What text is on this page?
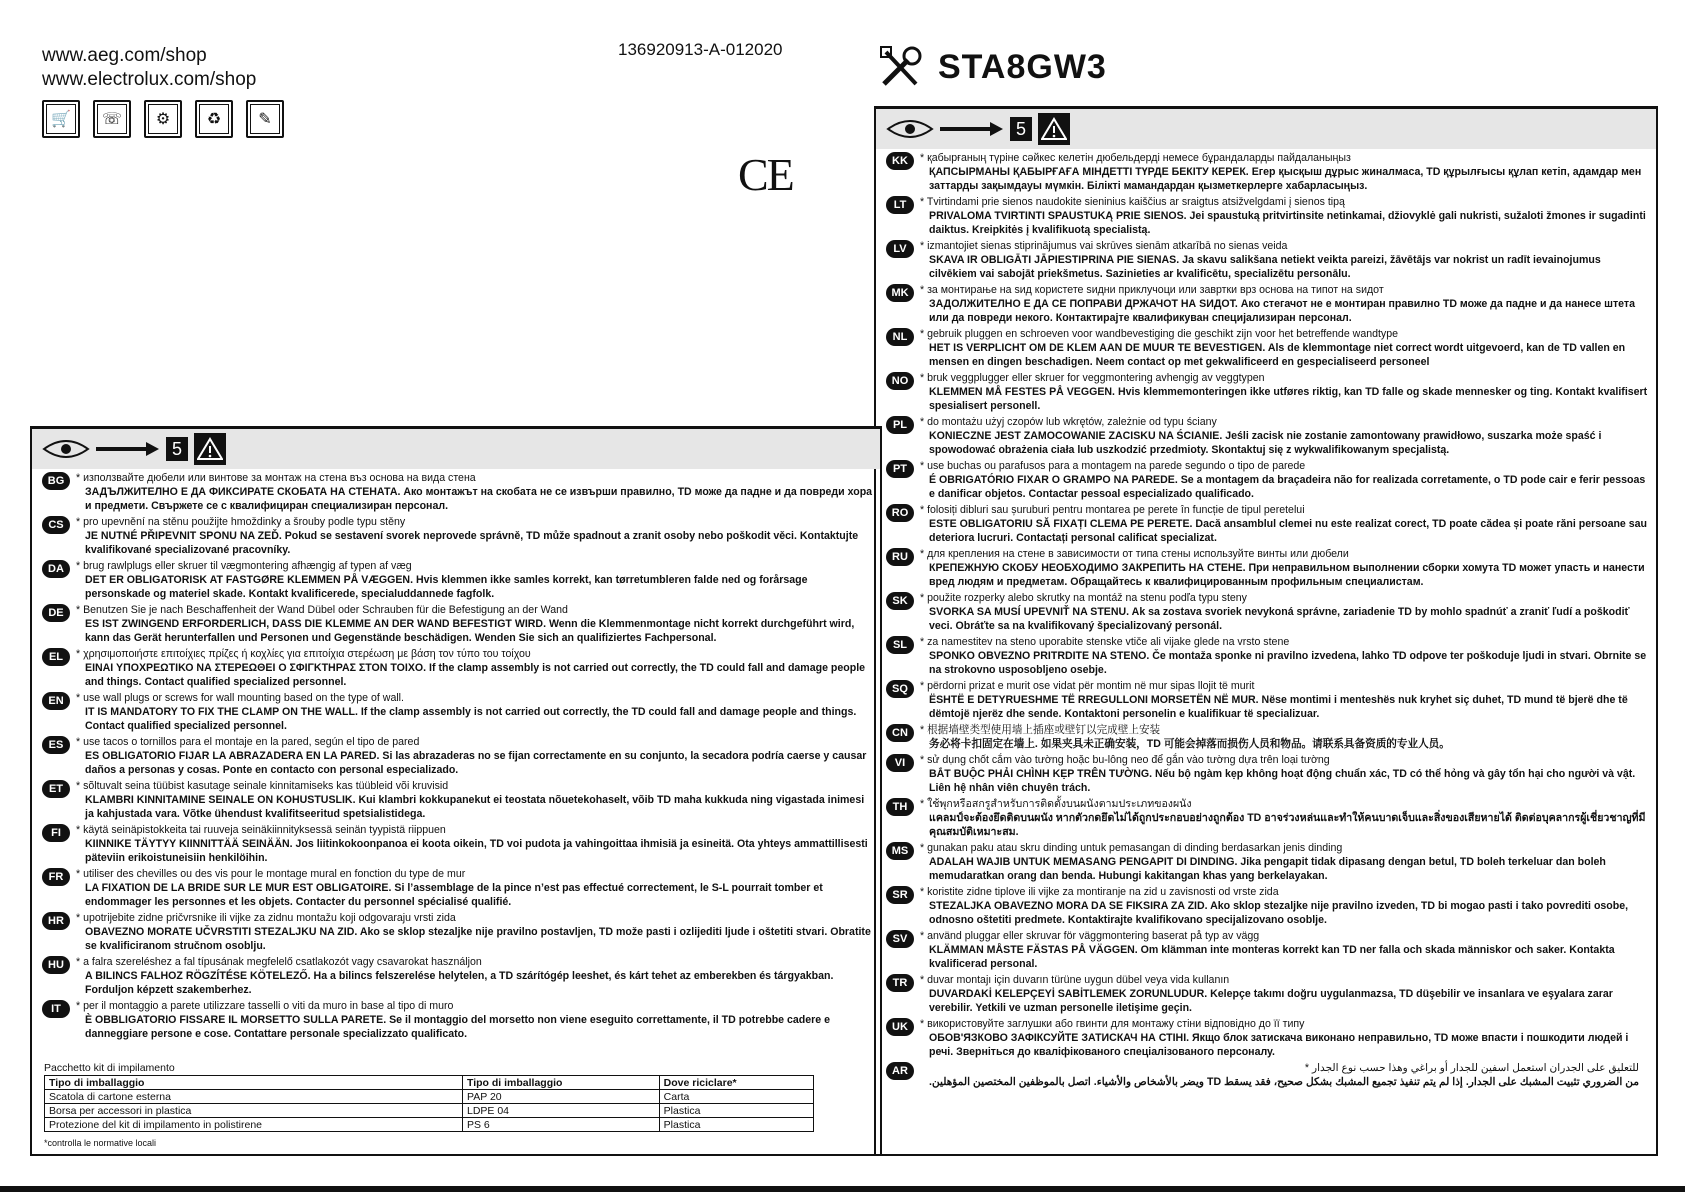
www.aeg.com/shop
www.electrolux.com/shop
136920913-A-012020
🛒	☏	⚙	♻	✎
CE
STA8GW3
5
KK	* қабырғаның түріне сәйкес келетін дюбельдерді немесе бұрандаларды пайдаланыңыз
ҚАПСЫРМАНЫ ҚАБЫРҒАҒА МІНДЕТТІ ТҮРДЕ БЕКІТУ КЕРЕК. Егер қысқыш дұрыс жиналмаса, TD құрылғысы құлап кетіп, адамдар мен заттарды зақымдауы мүмкін. Білікті мамандардан қызметкерлерге хабарласыңыз.
LT	* Tvirtindami prie sienos naudokite sieninius kaiščius ar sraigtus atsižvelgdami į sienos tipą
PRIVALOMA TVIRTINTI SPAUSTUKĄ PRIE SIENOS. Jei spaustuką pritvirtinsite netinkamai, džiovyklė gali nukristi, sužaloti žmones ir sugadinti daiktus. Kreipkitės į kvalifikuotą specialistą.
LV	* izmantojiet sienas stiprinājumus vai skrūves sienām atkarībā no sienas veida
SKAVA IR OBLIGĀTI JĀPIESTIPRINA PIE SIENAS. Ja skavu salikšana netiekt veikta pareizi, žāvētājs var nokrist un radīt ievainojumus cilvēkiem vai sabojāt priekšmetus. Sazinieties ar kvalificētu, specializētu personālu.
MK	* за монтирање на ѕид користете ѕидни приклучоци или завртки врз основа на типот на ѕидот
ЗАДОЛЖИТЕЛНО Е ДА СЕ ПОПРАВИ ДРЖАЧОТ НА ЅИДОТ. Ако стегачот не е монтиран правилно TD може да падне и да нанесе штета или да повреди некого. Контактирајте квалификуван специјализиран персонал.
NL	* gebruik pluggen en schroeven voor wandbevestiging die geschikt zijn voor het betreffende wandtype
HET IS VERPLICHT OM DE KLEM AAN DE MUUR TE BEVESTIGEN. Als de klemmontage niet correct wordt uitgevoerd, kan de TD vallen en mensen en dingen beschadigen. Neem contact op met gekwalificeerd en gespecialiseerd personeel
NO	* bruk veggplugger eller skruer for veggmontering avhengig av veggtypen
KLEMMEN MÅ FESTES PÅ VEGGEN. Hvis klemmemonteringen ikke utføres riktig, kan TD falle og skade mennesker og ting. Kontakt kvalifisert spesialisert personell.
PL	* do montażu użyj czopów lub wkrętów, zależnie od typu ściany
KONIECZNE JEST ZAMOCOWANIE ZACISKU NA ŚCIANIE. Jeśli zacisk nie zostanie zamontowany prawidłowo, suszarka może spaść i spowodować obrażenia ciała lub uszkodzić przedmioty. Skontaktuj się z wykwalifikowanym specjalistą.
PT	* use buchas ou parafusos para a montagem na parede segundo o tipo de parede
É OBRIGATÓRIO FIXAR O GRAMPO NA PAREDE. Se a montagem da braçadeira não for realizada corretamente, o TD pode cair e ferir pessoas e danificar objetos. Contactar pessoal especializado qualificado.
RO	* folosiți dibluri sau șuruburi pentru montarea pe perete în funcție de tipul peretelui
ESTE OBLIGATORIU SĂ FIXAȚI CLEMA PE PERETE. Dacă ansamblul clemei nu este realizat corect, TD poate cădea și poate răni persoane sau deteriora lucruri. Contactați personal calificat specializat.
RU	* для крепления на стене в зависимости от типа стены используйте винты или дюбели
КРЕПЕЖНУЮ СКОБУ НЕОБХОДИМО ЗАКРЕПИТЬ НА СТЕНЕ. При неправильном выполнении сборки хомута TD может упасть и нанести вред людям и предметам. Обращайтесь к квалифицированным профильным специалистам.
SK	* použite rozperky alebo skrutky na montáž na stenu podľa typu steny
SVORKA SA MUSÍ UPEVNIŤ NA STENU. Ak sa zostava svoriek nevykoná správne, zariadenie TD by mohlo spadnúť a zraniť ľudí a poškodiť veci. Obráťte sa na kvalifikovaný špecializovaný personál.
SL	* za namestitev na steno uporabite stenske vtiče ali vijake glede na vrsto stene
SPONKO OBVEZNO PRITRDITE NA STENO. Če montaža sponke ni pravilno izvedena, lahko TD odpove ter poškoduje ljudi in stvari. Obrnite se na strokovno usposobljeno osebje.
SQ	* përdorni prizat e murit ose vidat për montim në mur sipas llojit të murit
ËSHTË E DETYRUESHME TË RREGULLONI MORSETËN NË MUR. Nëse montimi i menteshës nuk kryhet siç duhet, TD mund të bjerë dhe të dëmtojë njerëz dhe sende. Kontaktoni personelin e kualifikuar të specializuar.
CN	* 根据墙壁类型使用墙上插座或壁钉以完成壁上安装
务必将卡扣固定在墙上. 如果夹具未正确安装，TD 可能会掉落而损伤人员和物品。请联系具备资质的专业人员。
VI	* sử dụng chốt cắm vào tường hoặc bu-lông neo để gắn vào tường dựa trên loại tường
BẮT BUỘC PHẢI CHÌNH KẸP TRÊN TƯỜNG. Nếu bộ ngàm kẹp không hoạt động chuẩn xác, TD có thể hỏng và gây tổn hại cho người và vật. Liên hệ nhân viên chuyên trách.
TH	* ใช้พุกหรือสกรูสำหรับการติดตั้งบนผนังตามประเภทของผนัง
แคลมป์จะต้องยึดติดบนผนัง หากตัวกดยึดไม่ได้ถูกประกอบอย่างถูกต้อง TD อาจร่วงหล่นและทำให้คนบาดเจ็บและสิ่งของเสียหายได้ ติดต่อบุคลากรผู้เชี่ยวชาญที่มีคุณสมบัติเหมาะสม.
MS	* gunakan paku atau skru dinding untuk pemasangan di dinding berdasarkan jenis dinding
ADALAH WAJIB UNTUK MEMASANG PENGAPIT DI DINDING. Jika pengapit tidak dipasang dengan betul, TD boleh terkeluar dan boleh memudaratkan orang dan benda. Hubungi kakitangan khas yang berkelayakan.
SR	* koristite zidne tiplove ili vijke za montiranje na zid u zavisnosti od vrste zida
STEZALJKA OBAVEZNO MORA DA SE FIKSIRA ZA ZID. Ako sklop stezaljke nije pravilno izveden, TD bi mogao pasti i tako povrediti osobe, odnosno oštetiti predmete. Kontaktirajte kvalifikovano specijalizovano osoblje.
SV	* använd pluggar eller skruvar för väggmontering baserat på typ av vägg
KLÄMMAN MÅSTE FÄSTAS PÅ VÄGGEN. Om klämman inte monteras korrekt kan TD ner falla och skada människor och saker. Kontakta kvalificerad personal.
TR	* duvar montajı için duvarın türüne uygun dübel veya vida kullanın
DUVARDAKİ KELEPÇEYİ SABİTLEMEK ZORUNLUDUR. Kelepçe takımı doğru uygulanmazsa, TD düşebilir ve insanlara ve eşyalara zarar verebilir. Yetkili ve uzman personelle iletişime geçin.
UK	* використовуйте заглушки або гвинти для монтажу стіни відповідно до її типу
ОБОВ'ЯЗКОВО ЗАФІКСУЙТЕ ЗАТИСКАЧ НА СТІНІ. Якщо блок затискача виконано неправильно, TD може впасти і пошкодити людей і речі. Зверніться до кваліфікованого спеціалізованого персоналу.
AR	للتعليق على الجدران استعمل اسفين للجدار أو براغي وهذا حسب نوع الجدار *
من الضروري تثبيت المشبك على الجدار. إذا لم يتم تنفيذ تجميع المشبك بشكل صحيح، فقد يسقط TD ويضر بالأشخاص والأشياء. اتصل بالموظفين المختصين المؤهلين.
5
BG	* използвайте дюбели или винтове за монтаж на стена въз основа на вида стена
ЗАДЪЛЖИТЕЛНО Е ДА ФИКСИРАТЕ СКОБАТА НА СТЕНАТА. Ако монтажът на скобата не се извърши правилно, TD може да падне и да повреди хора и предмети. Свържете се с квалифициран специализиран персонал.
CS	* pro upevnění na stěnu použijte hmoždinky a šrouby podle typu stěny
JE NUTNÉ PŘIPEVNIT SPONU NA ZEĎ. Pokud se sestavení svorek neprovede správně, TD může spadnout a zranit osoby nebo poškodit věci. Kontaktujte kvalifikované specializované pracovníky.
DA	* brug rawlplugs eller skruer til vægmontering afhængig af typen af væg
DET ER OBLIGATORISK AT FASTGØRE KLEMMEN PÅ VÆGGEN. Hvis klemmen ikke samles korrekt, kan tørretumbleren falde ned og forårsage personskade og materiel skade. Kontakt kvalificerede, specialuddannede fagfolk.
DE	* Benutzen Sie je nach Beschaffenheit der Wand Dübel oder Schrauben für die Befestigung an der Wand
ES IST ZWINGEND ERFORDERLICH, DASS DIE KLEMME AN DER WAND BEFESTIGT WIRD. Wenn die Klemmenmontage nicht korrekt durchgeführt wird, kann das Gerät herunterfallen und Personen und Gegenstände beschädigen. Wenden Sie sich an qualifiziertes Fachpersonal.
EL	* χρησιμοποιήστε επιτοίχιες πρίζες ή κοχλίες για επιτοίχια στερέωση με βάση τον τύπο του τοίχου
ΕΙΝΑΙ ΥΠΟΧΡΕΩΤΙΚΟ ΝΑ ΣΤΕΡΕΩΘΕΙ Ο ΣΦΙΓΚΤΗΡΑΣ ΣΤΟΝ ΤΟΙΧΟ. If the clamp assembly is not carried out correctly, the TD could fall and damage people and things. Contact qualified specialized personnel.
EN	* use wall plugs or screws for wall mounting based on the type of wall.
IT IS MANDATORY TO FIX THE CLAMP ON THE WALL. If the clamp assembly is not carried out correctly, the TD could fall and damage people and things. Contact qualified specialized personnel.
ES	* use tacos o tornillos para el montaje en la pared, según el tipo de pared
ES OBLIGATORIO FIJAR LA ABRAZADERA EN LA PARED. Si las abrazaderas no se fijan correctamente en su conjunto, la secadora podría caerse y causar daños a personas y cosas. Ponte en contacto con personal especializado.
ET	* sõltuvalt seina tüübist kasutage seinale kinnitamiseks kas tüübleid või kruvisid
KLAMBRI KINNITAMINE SEINALE ON KOHUSTUSLIK. Kui klambri kokkupanekut ei teostata nõuetekohaselt, võib TD maha kukkuda ning vigastada inimesi ja kahjustada vara. Võtke ühendust kvalifitseeritud spetsialistidega.
FI	* käytä seinäpistokkeita tai ruuveja seinäkiinnityksessä seinän tyypistä riippuen
KIINNIKE TÄYTYY KIINNITTÄÄ SEINÄÄN. Jos liitinkokoonpanoa ei koota oikein, TD voi pudota ja vahingoittaa ihmisiä ja esineitä. Ota yhteys ammattillisesti päteviin erikoistuneisiin henkilöihin.
FR	* utiliser des chevilles ou des vis pour le montage mural en fonction du type de mur
LA FIXATION DE LA BRIDE SUR LE MUR EST OBLIGATOIRE. Si l’assemblage de la pince n’est pas effectué correctement, le S-L pourrait tomber et endommager les personnes et les objets. Contacter du personnel spécialisé qualifié.
HR	* upotrijebite zidne pričvrsnike ili vijke za zidnu montažu koji odgovaraju vrsti zida
OBAVEZNO MORATE UČVRSTITI STEZALJKU NA ZID. Ako se sklop stezaljke nije pravilno postavljen, TD može pasti i ozlijediti ljude i oštetiti stvari. Obratite se kvalificiranom stručnom osoblju.
HU	* a falra szereléshez a fal típusának megfelelő csatlakozót vagy csavarokat használjon
A BILINCS FALHOZ RÖGZÍTÉSE KÖTELEZŐ. Ha a bilincs felszerelése helytelen, a TD szárítógép leeshet, és kárt tehet az emberekben és tárgyakban. Forduljon képzett szakemberhez.
IT	* per il montaggio a parete utilizzare tasselli o viti da muro in base al tipo di muro
È OBBLIGATORIO FISSARE IL MORSETTO SULLA PARETE. Se il montaggio del morsetto non viene eseguito correttamente, il TD potrebbe cadere e danneggiare persone e cose. Contattare personale specializzato qualificato.
Pacchetto kit di impilamento
Tipo di imballaggio	Tipo di imballaggio	Dove riciclare*
Scatola di cartone esterna	PAP 20	Carta
Borsa per accessori in plastica	LDPE 04	Plastica
Protezione del kit di impilamento in polistirene	PS 6	Plastica
*controlla le normative locali
